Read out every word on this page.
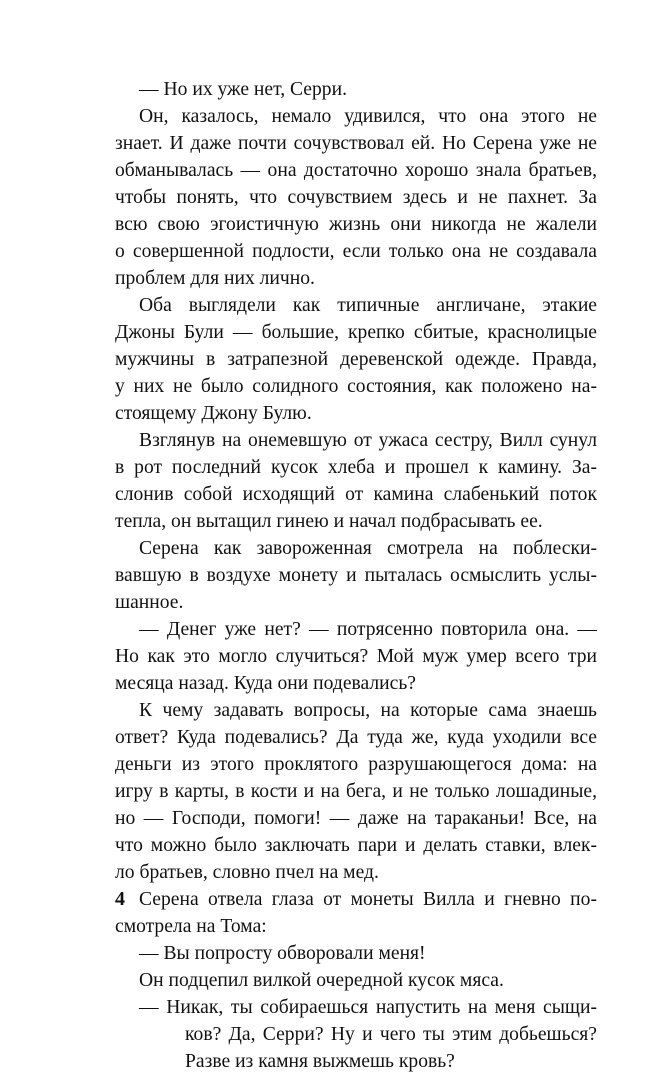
— Но их уже нет, Серри.

Он, казалось, немало удивился, что она этого не
знает. И даже почти сочувствовал ей. Но Серена уже не
обманывалась — она достаточно хорошо знала братьев,
чтобы понять, что сочувствием здесь и не пахнет. За
всю свою эгоистичную жизнь они никогда не жалели
о совершенной подлости, если только она не создавала
проблем для них лично.

Оба выглядели как типичные англичане, этакие
Джоны Були — большие, крепко сбитые, краснолицые
мужчины в затрапезной деревенской одежде. Правда,
у них не было солидного состояния, как положено на-
стоящему Джону Булю.

Взглянув на онемевшую от ужаса сестру, Вилл сунул
в рот последний кусок хлеба и прошел к камину. За-
слонив собой исходящий от камина слабенький поток
тепла, он вытащил гинею и начал подбрасывать ее.

Серена как завороженная смотрела на поблески-
вавшую в воздухе монету и пыталась осмыслить услы-
шанное.

— Денег уже нет? — потрясенно повторила она. —
Но как это могло случиться? Мой муж умер всего три
месяца назад. Куда они подевались?

К чему задавать вопросы, на которые сама знаешь
ответ? Куда подевались? Да туда же, куда уходили все
деньги из этого проклятого разрушающегося дома: на
игру в карты, в кости и на бега, и не только лошадиные,
но — Господи, помоги! — даже на тараканьи! Все, на
что можно было заключать пари и делать ставки, влек-
ло братьев, словно пчел на мед.

Серена отвела глаза от монеты Вилла и гневно по-
смотрела на Тома:

— Вы попросту обворовали меня!

Он подцепил вилкой очередной кусок мяса.

— Никак, ты собираешься напустить на меня сыщи-
ков? Да, Серри? Ну и чего ты этим добьешься?
Разве из камня выжмешь кровь?

4
